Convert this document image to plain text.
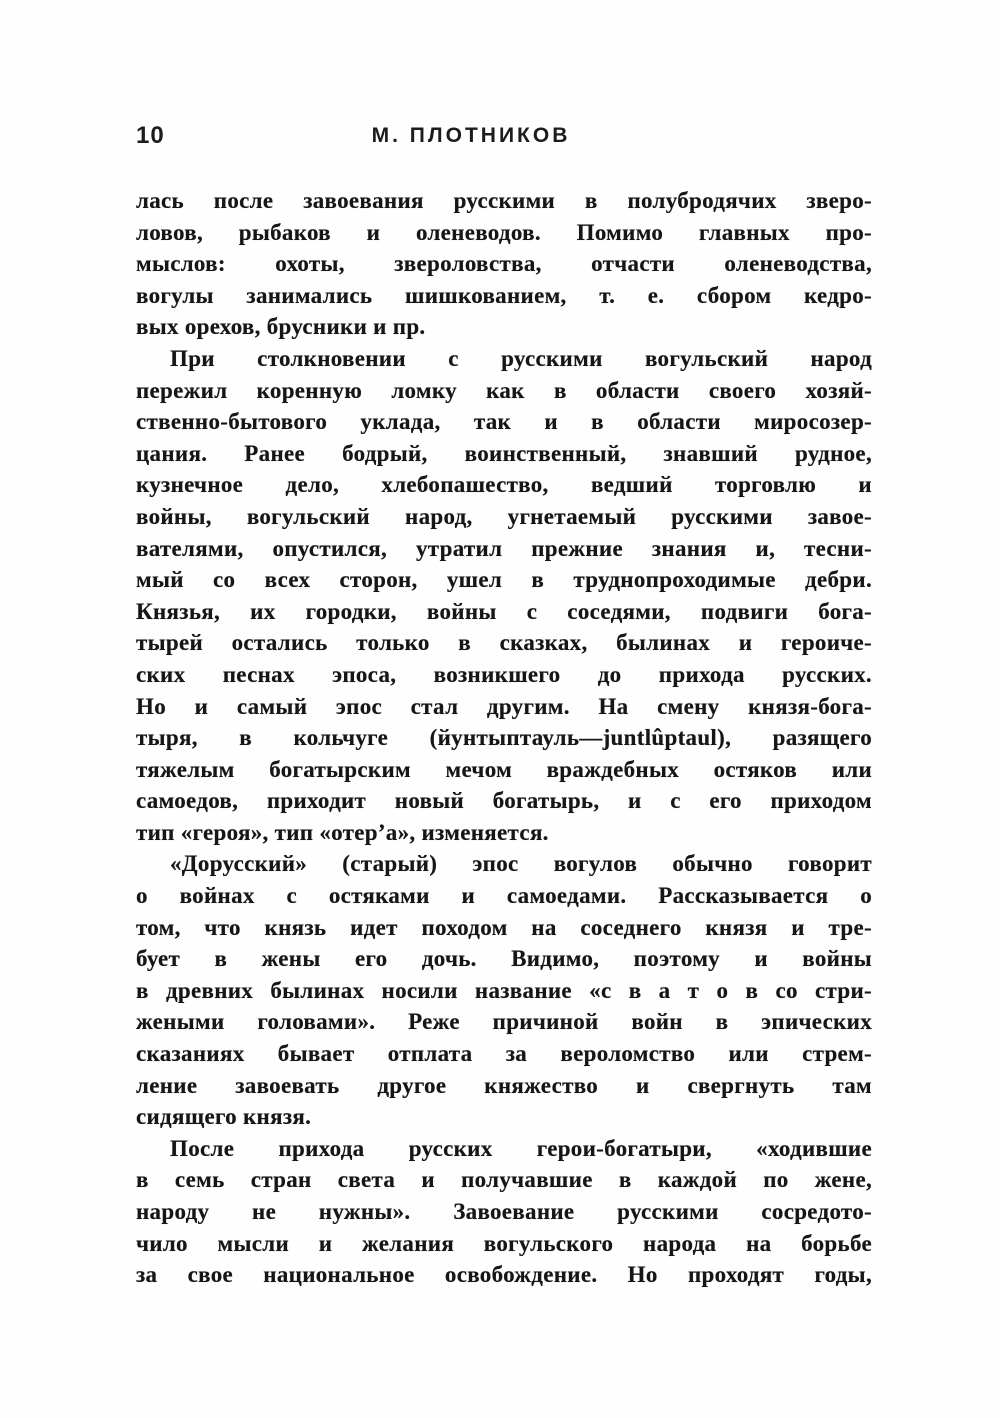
10	М. ПЛОТНИКОВ
лась после завоевания русскими в полубродячих зверо-
ловов, рыбаков и оленеводов. Помимо главных про-
мыслов: охоты, звероловства, отчасти оленеводства,
вогулы занимались шишкованием, т. е. сбором кедро-
вых орехов, брусники и пр.
При столкновении с русскими вогульский народ
пережил коренную ломку как в области своего хозяй-
ственно-бытового уклада, так и в области миросозер-
цания. Ранее бодрый, воинственный, знавший рудное,
кузнечное дело, хлебопашество, ведший торговлю и
войны, вогульский народ, угнетаемый русскими завое-
вателями, опустился, утратил прежние знания и, тесни-
мый со всех сторон, ушел в труднопроходимые дебри.
Князья, их городки, войны с соседями, подвиги бога-
тырей остались только в сказках, былинах и героиче-
ских песнах эпоса, возникшего до прихода русских.
Но и самый эпос стал другим. На смену князя-бога-
тыря, в кольчуге (йунтыптауль—juntlûptaul), разящего
тяжелым богатырским мечом враждебных остяков или
самоедов, приходит новый богатырь, и с его приходом
тип «героя», тип «отер’а», изменяется.
«Дорусский» (старый) эпос вогулов обычно говорит
о войнах с остяками и самоедами. Рассказывается о
том, что князь идет походом на соседнего князя и тре-
бует в жены его дочь. Видимо, поэтому и войны
в древних былинах носили название «с в а т о в со стри-
жеными головами». Реже причиной войн в эпических
сказаниях бывает отплата за вероломство или стрем-
ление завоевать другое княжество и свергнуть там
сидящего князя.
После прихода русских герои-богатыри, «ходившие
в семь стран света и получавшие в каждой по жене,
народу не нужны». Завоевание русскими сосредото-
чило мысли и желания вогульского народа на борьбе
за свое национальное освобождение. Но проходят годы,
